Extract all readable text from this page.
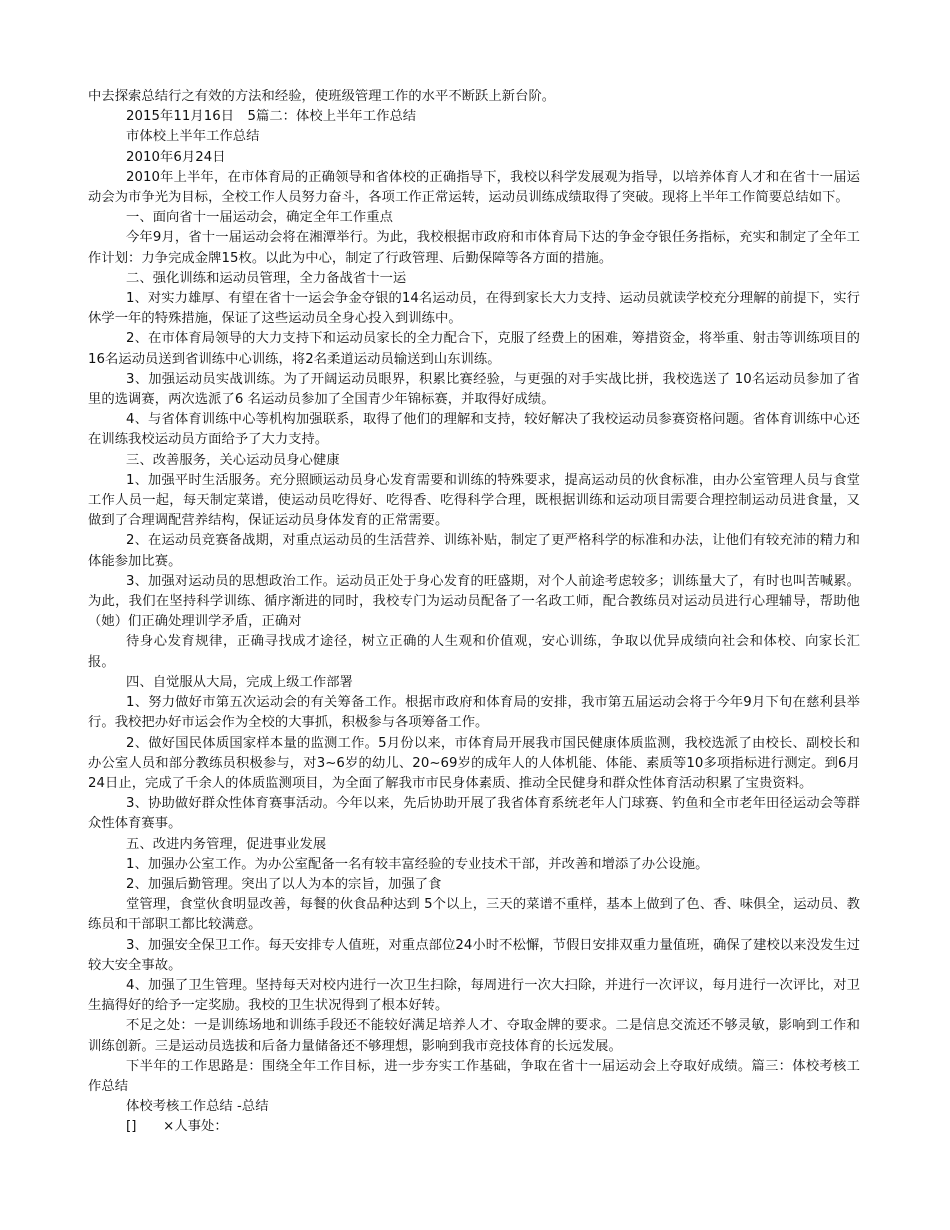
中去探索总结行之有效的方法和经验，使班级管理工作的水平不断跃上新台阶。

2015年11月16日　5篇二：体校上半年工作总结

市体校上半年工作总结

2010年6月24日

2010年上半年，在市体育局的正确领导和省体校的正确指导下，我校以科学发展观为指导，以培养体育人才和在省十一届运动会为市争光为目标，全校工作人员努力奋斗，各项工作正常运转，运动员训练成绩取得了突破。现将上半年工作简要总结如下。

一、面向省十一届运动会，确定全年工作重点

今年9月，省十一届运动会将在湘潭举行。为此，我校根据市政府和市体育局下达的争金夺银任务指标，充实和制定了全年工作计划：力争完成金牌15枚。以此为中心，制定了行政管理、后勤保障等各方面的措施。

二、强化训练和运动员管理，全力备战省十一运

1、对实力雄厚、有望在省十一运会争金夺银的14名运动员，在得到家长大力支持、运动员就读学校充分理解的前提下，实行休学一年的特殊措施，保证了这些运动员全身心投入到训练中。

2、在市体育局领导的大力支持下和运动员家长的全力配合下，克服了经费上的困难，筹措资金，将举重、射击等训练项目的16名运动员送到省训练中心训练，将2名柔道运动员输送到山东训练。

3、加强运动员实战训练。为了开阔运动员眼界，积累比赛经验，与更强的对手实战比拼，我校选送了 10名运动员参加了省里的选调赛，两次选派了6 名运动员参加了全国青少年锦标赛，并取得好成绩。

4、与省体育训练中心等机构加强联系，取得了他们的理解和支持，较好解决了我校运动员参赛资格问题。省体育训练中心还在训练我校运动员方面给予了大力支持。

三、改善服务，关心运动员身心健康

1、加强平时生活服务。充分照顾运动员身心发育需要和训练的特殊要求，提高运动员的伙食标准，由办公室管理人员与食堂工作人员一起，每天制定菜谱，使运动员吃得好、吃得香、吃得科学合理，既根据训练和运动项目需要合理控制运动员进食量，又做到了合理调配营养结构，保证运动员身体发育的正常需要。

2、在运动员竞赛备战期，对重点运动员的生活营养、训练补贴，制定了更严格科学的标准和办法，让他们有较充沛的精力和体能参加比赛。

3、加强对运动员的思想政治工作。运动员正处于身心发育的旺盛期，对个人前途考虑较多；训练量大了，有时也叫苦喊累。为此，我们在坚持科学训练、循序渐进的同时，我校专门为运动员配备了一名政工师，配合教练员对运动员进行心理辅导，帮助他（她）们正确处理训学矛盾，正确对

待身心发育规律，正确寻找成才途径，树立正确的人生观和价值观，安心训练，争取以优异成绩向社会和体校、向家长汇报。

四、自觉服从大局，完成上级工作部署

1、努力做好市第五次运动会的有关筹备工作。根据市政府和体育局的安排，我市第五届运动会将于今年9月下旬在慈利县举行。我校把办好市运会作为全校的大事抓，积极参与各项筹备工作。

2、做好国民体质国家样本量的监测工作。5月份以来，市体育局开展我市国民健康体质监测，我校选派了由校长、副校长和办公室人员和部分教练员积极参与，对3~6岁的幼儿、20~69岁的成年人的人体机能、体能、素质等10多项指标进行测定。到6月24日止，完成了千余人的体质监测项目，为全面了解我市市民身体素质、推动全民健身和群众性体育活动积累了宝贵资料。

3、协助做好群众性体育赛事活动。今年以来，先后协助开展了我省体育系统老年人门球赛、钓鱼和全市老年田径运动会等群众性体育赛事。

五、改进内务管理，促进事业发展

1、加强办公室工作。为办公室配备一名有较丰富经验的专业技术干部，并改善和增添了办公设施。

2、加强后勤管理。突出了以人为本的宗旨，加强了食

堂管理，食堂伙食明显改善，每餐的伙食品种达到 5个以上，三天的菜谱不重样，基本上做到了色、香、味俱全，运动员、教练员和干部职工都比较满意。

3、加强安全保卫工作。每天安排专人值班，对重点部位24小时不松懈，节假日安排双重力量值班，确保了建校以来没发生过较大安全事故。

4、加强了卫生管理。坚持每天对校内进行一次卫生扫除，每周进行一次大扫除，并进行一次评议，每月进行一次评比，对卫生搞得好的给予一定奖励。我校的卫生状况得到了根本好转。

不足之处：一是训练场地和训练手段还不能较好满足培养人才、夺取金牌的要求。二是信息交流还不够灵敏，影响到工作和训练创新。三是运动员选拔和后备力量储备还不够理想，影响到我市竞技体育的长远发展。

下半年的工作思路是：围绕全年工作目标，进一步夯实工作基础，争取在省十一届运动会上夺取好成绩。篇三：体校考核工作总结

体校考核工作总结 -总结

[]　　×人事处：
